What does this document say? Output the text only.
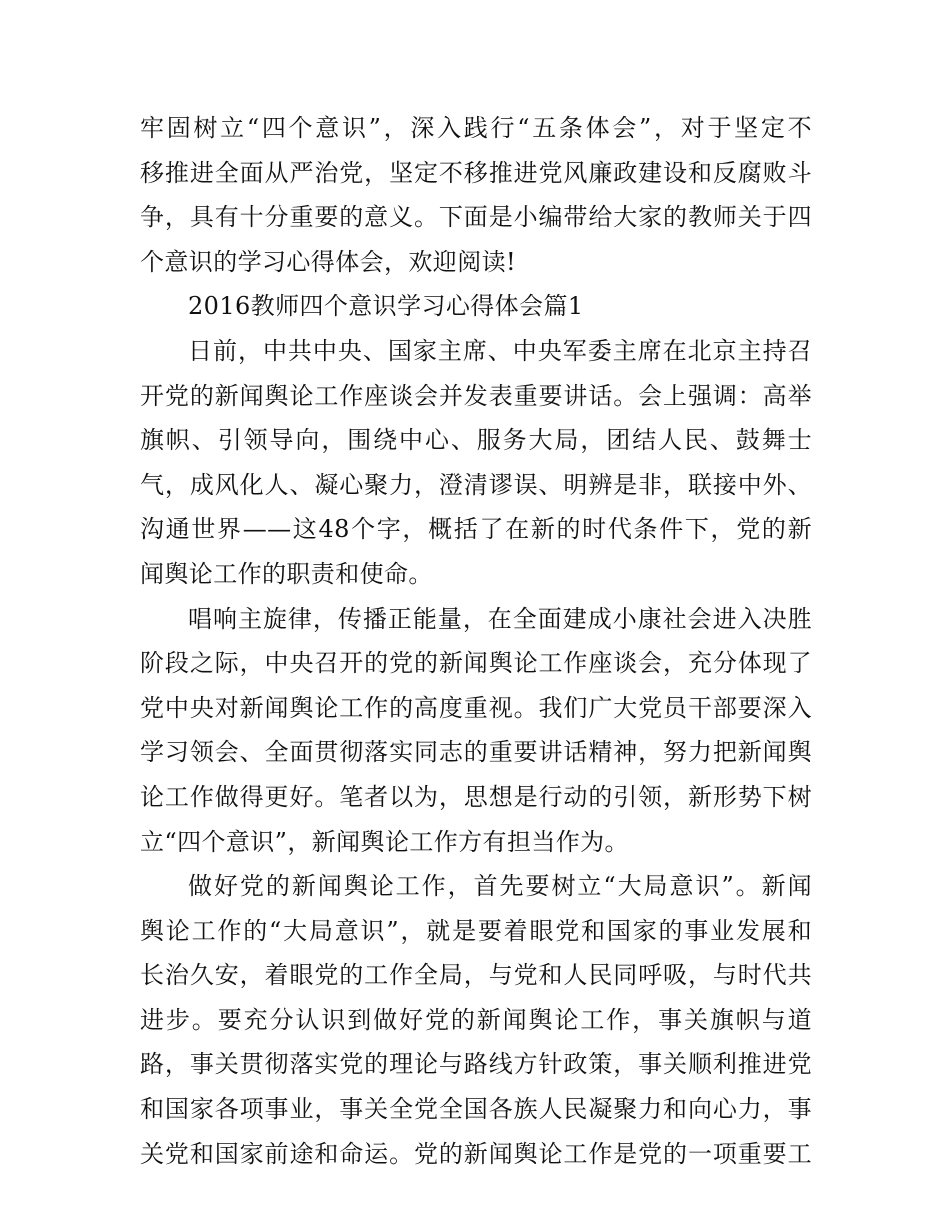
牢固树立“四个意识”，深入践行“五条体会”，对于坚定不
移推进全面从严治党，坚定不移推进党风廉政建设和反腐败斗
争，具有十分重要的意义。下面是小编带给大家的教师关于四
个意识的学习心得体会，欢迎阅读!
2016教师四个意识学习心得体会篇1
日前，中共中央、国家主席、中央军委主席在北京主持召
开党的新闻舆论工作座谈会并发表重要讲话。会上强调：高举
旗帜、引领导向，围绕中心、服务大局，团结人民、鼓舞士
气，成风化人、凝心聚力，澄清谬误、明辨是非，联接中外、
沟通世界——这48个字，概括了在新的时代条件下，党的新
闻舆论工作的职责和使命。
唱响主旋律，传播正能量，在全面建成小康社会进入决胜
阶段之际，中央召开的党的新闻舆论工作座谈会，充分体现了
党中央对新闻舆论工作的高度重视。我们广大党员干部要深入
学习领会、全面贯彻落实同志的重要讲话精神，努力把新闻舆
论工作做得更好。笔者以为，思想是行动的引领，新形势下树
立“四个意识”，新闻舆论工作方有担当作为。
做好党的新闻舆论工作，首先要树立“大局意识”。新闻
舆论工作的“大局意识”，就是要着眼党和国家的事业发展和
长治久安，着眼党的工作全局，与党和人民同呼吸，与时代共
进步。要充分认识到做好党的新闻舆论工作，事关旗帜与道
路，事关贯彻落实党的理论与路线方针政策，事关顺利推进党
和国家各项事业，事关全党全国各族人民凝聚力和向心力，事
关党和国家前途和命运。党的新闻舆论工作是党的一项重要工
